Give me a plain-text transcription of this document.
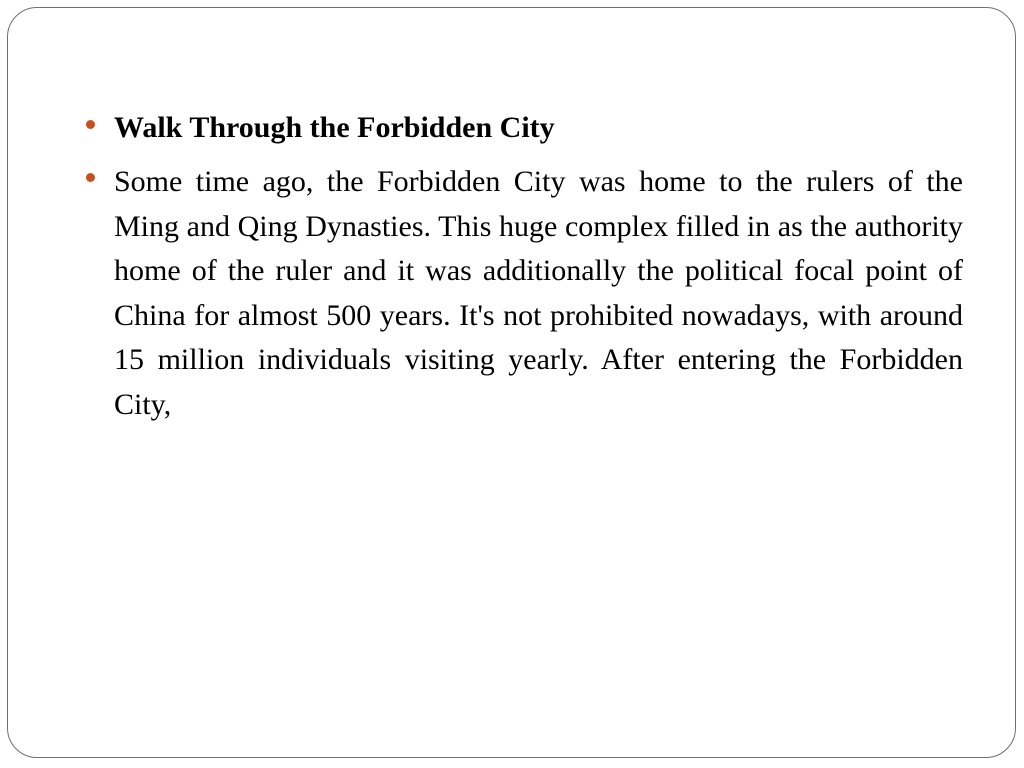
Walk Through the Forbidden City
Some time ago, the Forbidden City was home to the rulers of the Ming and Qing Dynasties. This huge complex filled in as the authority home of the ruler and it was additionally the political focal point of China for almost 500 years. It's not prohibited nowadays, with around 15 million individuals visiting yearly. After entering the Forbidden City,
